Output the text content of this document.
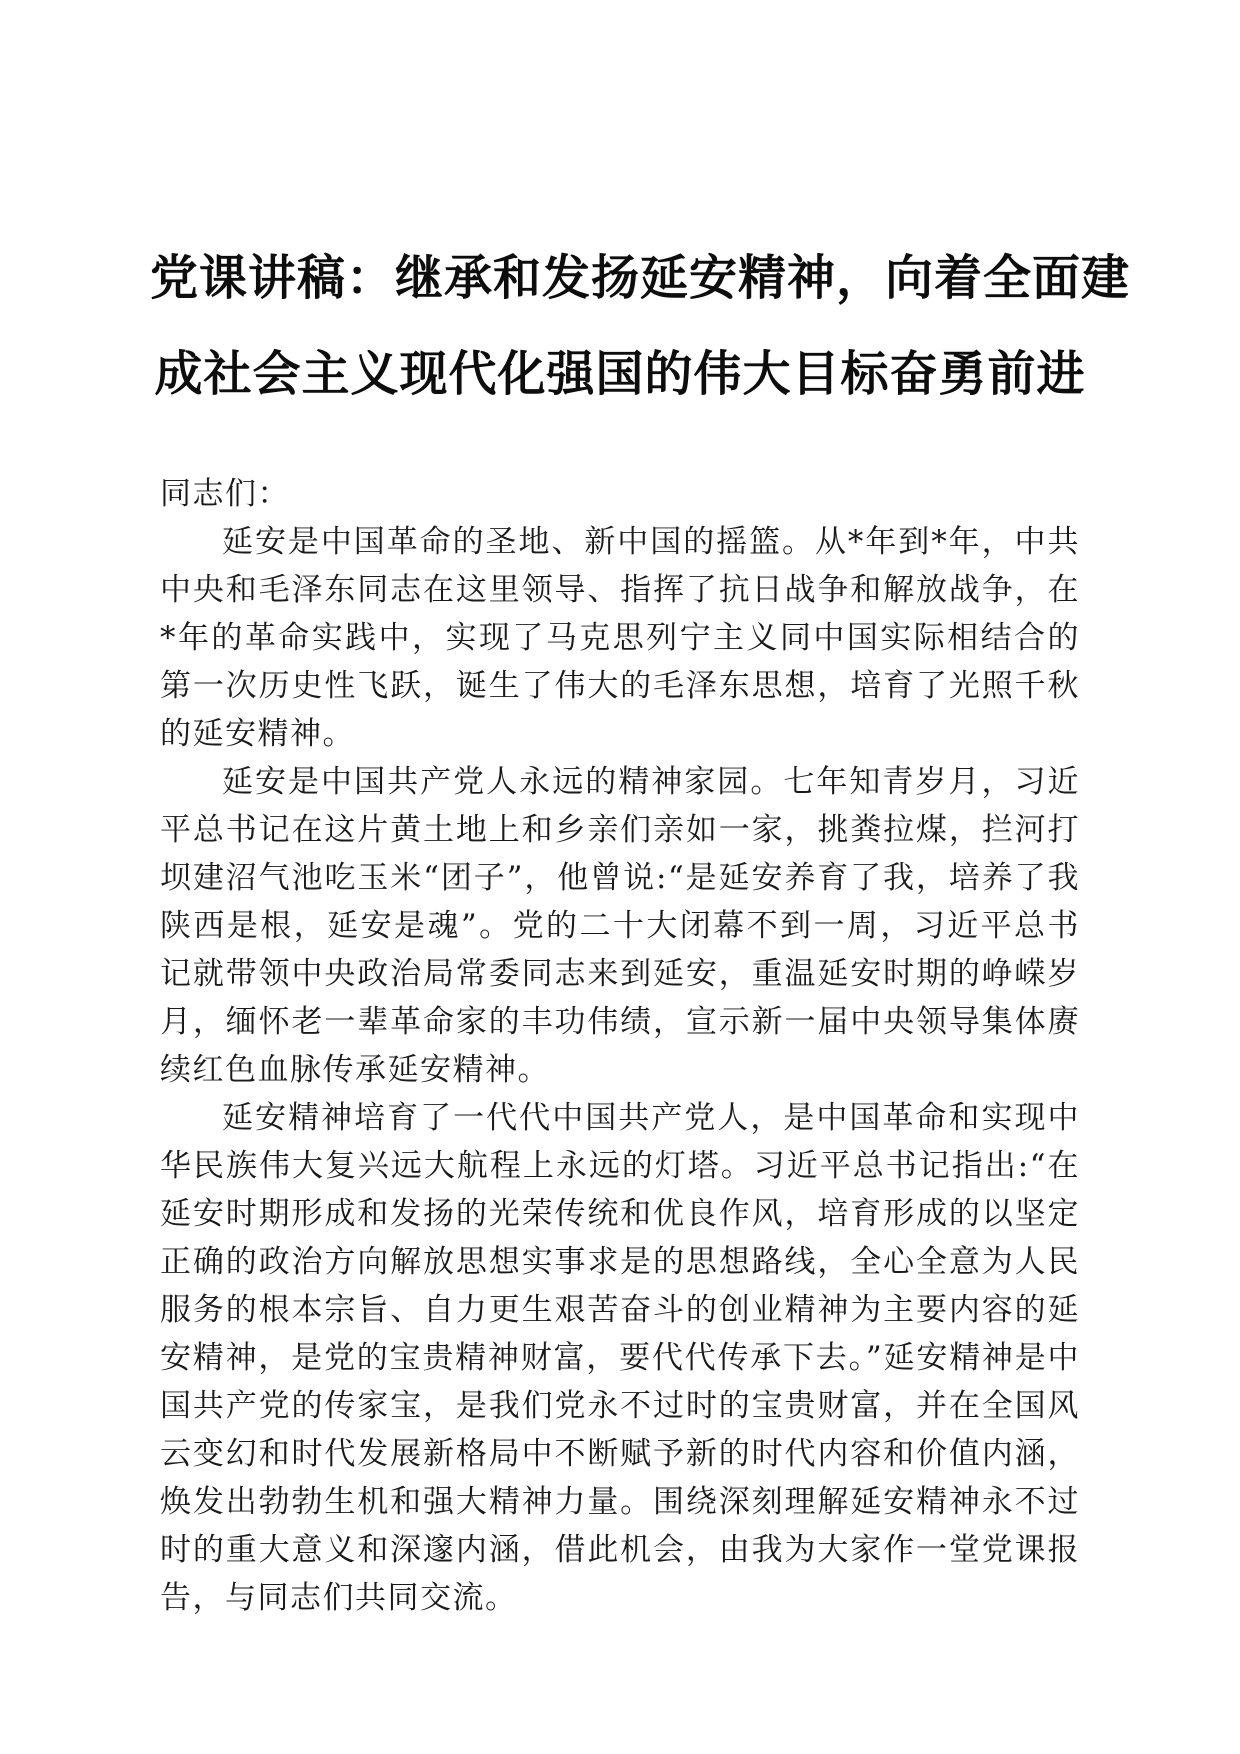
党课讲稿：继承和发扬延安精神，向着全面建
成社会主义现代化强国的伟大目标奋勇前进

同志们：

延安是中国革命的圣地、新中国的摇篮。从*年到*年，中共中央和毛泽东同志在这里领导、指挥了抗日战争和解放战争，在*年的革命实践中，实现了马克思列宁主义同中国实际相结合的第一次历史性飞跃，诞生了伟大的毛泽东思想，培育了光照千秋的延安精神。

延安是中国共产党人永远的精神家园。七年知青岁月，习近平总书记在这片黄土地上和乡亲们亲如一家，挑粪拉煤，拦河打坝建沼气池吃玉米“团子”，他曾说:“是延安养育了我，培养了我陕西是根，延安是魂”。党的二十大闭幕不到一周，习近平总书记就带领中央政治局常委同志来到延安，重温延安时期的峥嵘岁月，缅怀老一辈革命家的丰功伟绩，宣示新一届中央领导集体赓续红色血脉传承延安精神。

延安精神培育了一代代中国共产党人，是中国革命和实现中华民族伟大复兴远大航程上永远的灯塔。习近平总书记指出:“在延安时期形成和发扬的光荣传统和优良作风，培育形成的以坚定正确的政治方向解放思想实事求是的思想路线，全心全意为人民服务的根本宗旨、自力更生艰苦奋斗的创业精神为主要内容的延安精神，是党的宝贵精神财富，要代代传承下去。”延安精神是中国共产党的传家宝，是我们党永不过时的宝贵财富，并在全国风云变幻和时代发展新格局中不断赋予新的时代内容和价值内涵，焕发出勃勃生机和强大精神力量。围绕深刻理解延安精神永不过时的重大意义和深邃内涵，借此机会，由我为大家作一堂党课报告，与同志们共同交流。
